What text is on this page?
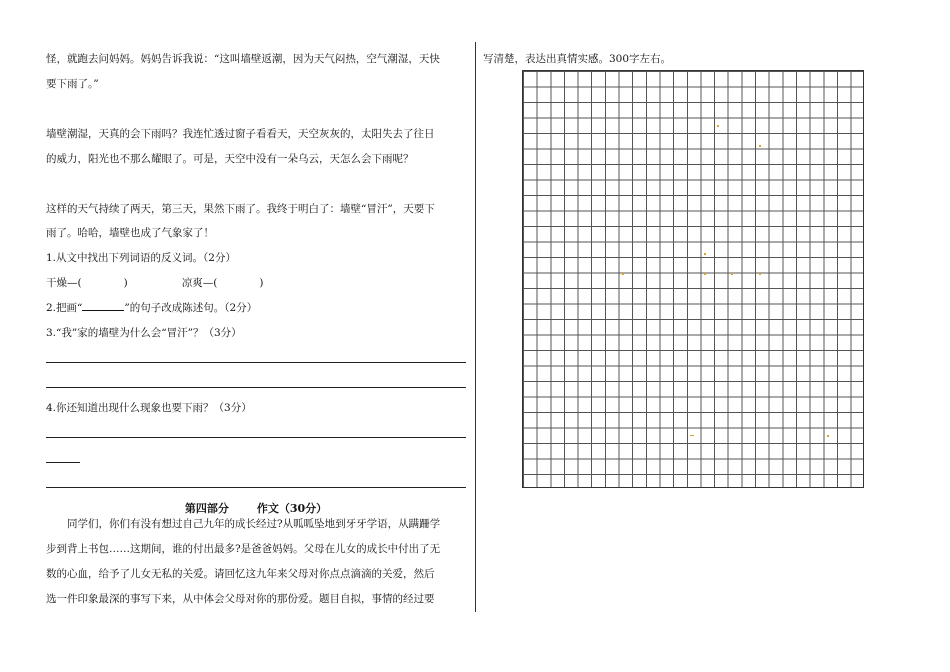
怪，就跑去问妈妈。妈妈告诉我说：“这叫墙壁返潮，因为天气闷热，空气潮湿，天快
要下雨了。”
墙壁潮湿，天真的会下雨吗？我连忙透过窗子看看天，天空灰灰的，太阳失去了往日
的威力，阳光也不那么耀眼了。可是，天空中没有一朵乌云，天怎么会下雨呢？
这样的天气持续了两天，第三天，果然下雨了。我终于明白了：墙壁“冒汗”，天要下
雨了。哈哈，墙壁也成了气象家了！
1.从文中找出下列词语的反义词。（2分）
干燥—(	)	凉爽—(	)
2.把画“	”的句子改成陈述句。（2分）
3.“我”家的墙壁为什么会“冒汗”？（3分）
4.你还知道出现什么现象也要下雨？（3分）
第四部分	作文（30分）
同学们，你们有没有想过自己九年的成长经过?从呱呱坠地到牙牙学语，从蹒跚学
步到背上书包……这期间，谁的付出最多?是爸爸妈妈。父母在儿女的成长中付出了无
数的心血，给予了儿女无私的关爱。请回忆这九年来父母对你点点滴滴的关爱，然后
选一件印象最深的事写下来，从中体会父母对你的那份爱。题目自拟，事情的经过要
写清楚，表达出真情实感。300字左右。
